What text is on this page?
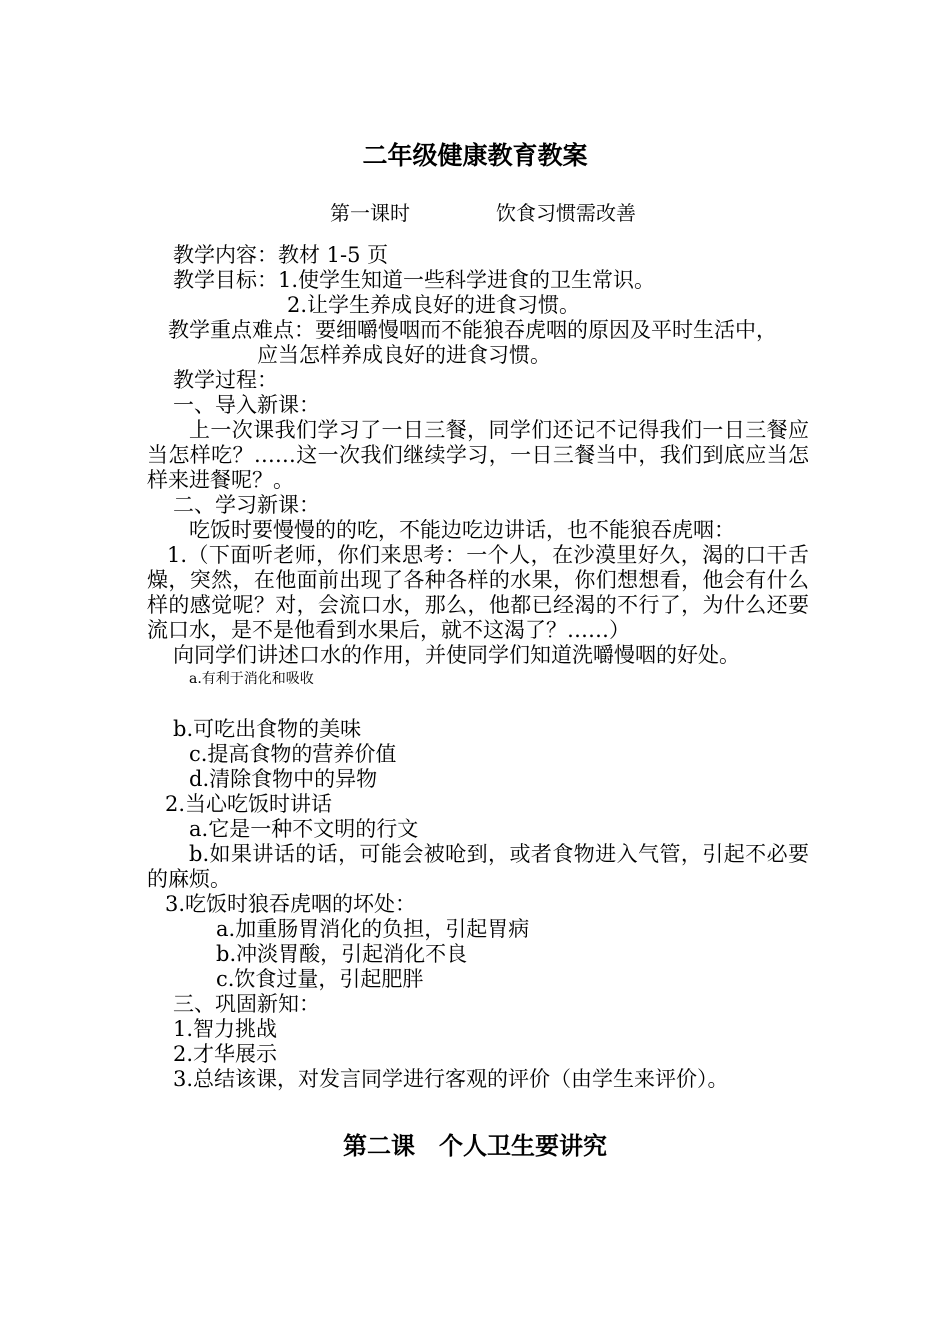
二年级健康教育教案
第一课时	饮食习惯需改善
教学内容：教材 1-5 页
教学目标：1.使学生知道一些科学进食的卫生常识。
2.让学生养成良好的进食习惯。
教学重点难点：要细嚼慢咽而不能狼吞虎咽的原因及平时生活中，
应当怎样养成良好的进食习惯。
教学过程：
一、导入新课：
上一次课我们学习了一日三餐，同学们还记不记得我们一日三餐应当怎样吃？……这一次我们继续学习，一日三餐当中，我们到底应当怎样来进餐呢？。
二、学习新课：
吃饭时要慢慢的的吃，不能边吃边讲话，也不能狼吞虎咽：
1.（下面听老师，你们来思考：一个人，在沙漠里好久，渴的口干舌燥，突然，在他面前出现了各种各样的水果，你们想想看，他会有什么样的感觉呢？对，会流口水，那么，他都已经渴的不行了，为什么还要流口水，是不是他看到水果后，就不这渴了？……）
向同学们讲述口水的作用，并使同学们知道洗嚼慢咽的好处。
a.有利于消化和吸收
b.可吃出食物的美味
c.提高食物的营养价值
d.清除食物中的异物
2.当心吃饭时讲话
a.它是一种不文明的行文
b.如果讲话的话，可能会被呛到，或者食物进入气管，引起不必要的麻烦。
3.吃饭时狼吞虎咽的坏处：
a.加重肠胃消化的负担，引起胃病
b.冲淡胃酸，引起消化不良
c.饮食过量，引起肥胖
三、巩固新知：
1.智力挑战
2.才华展示
3.总结该课，对发言同学进行客观的评价（由学生来评价）。
第二课　个人卫生要讲究
